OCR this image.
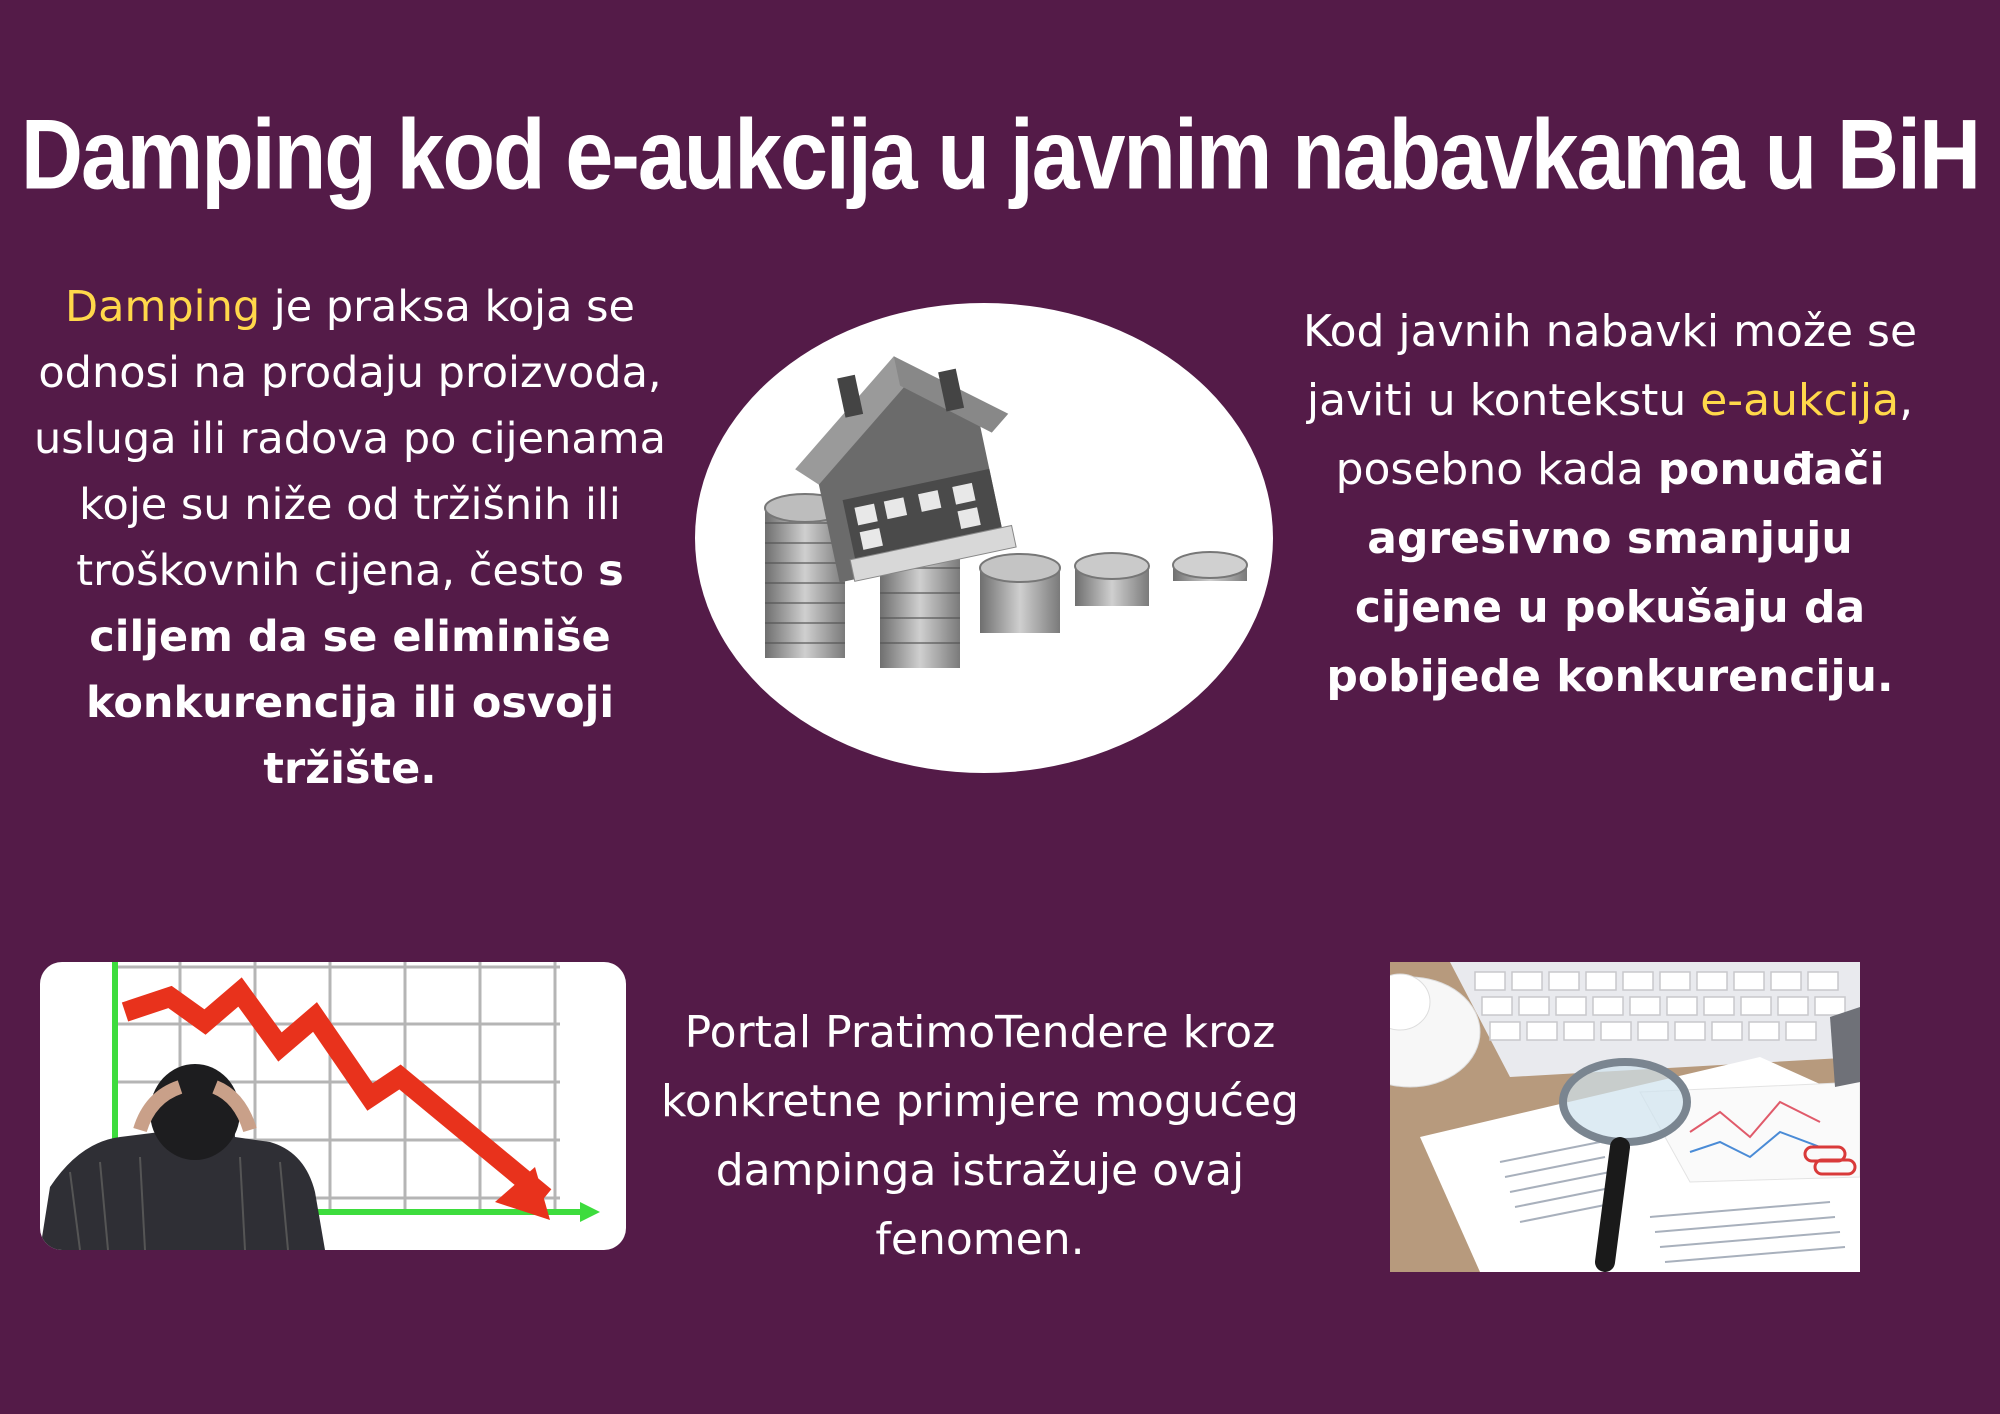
Damping kod e-aukcija u javnim nabavkama u BiH
Damping je praksa koja se odnosi na prodaju proizvoda, usluga ili radova po cijenama koje su niže od tržišnih ili troškovnih cijena, često s ciljem da se eliminiše konkurencija ili osvoji tržište.
Kod javnih nabavki može se javiti u kontekstu e-aukcija, posebno kada ponuđači agresivno smanjuju cijene u pokušaju da pobijede konkurenciju.
Portal PratimoTendere kroz konkretne primjere mogućeg dampinga istražuje ovaj fenomen.
